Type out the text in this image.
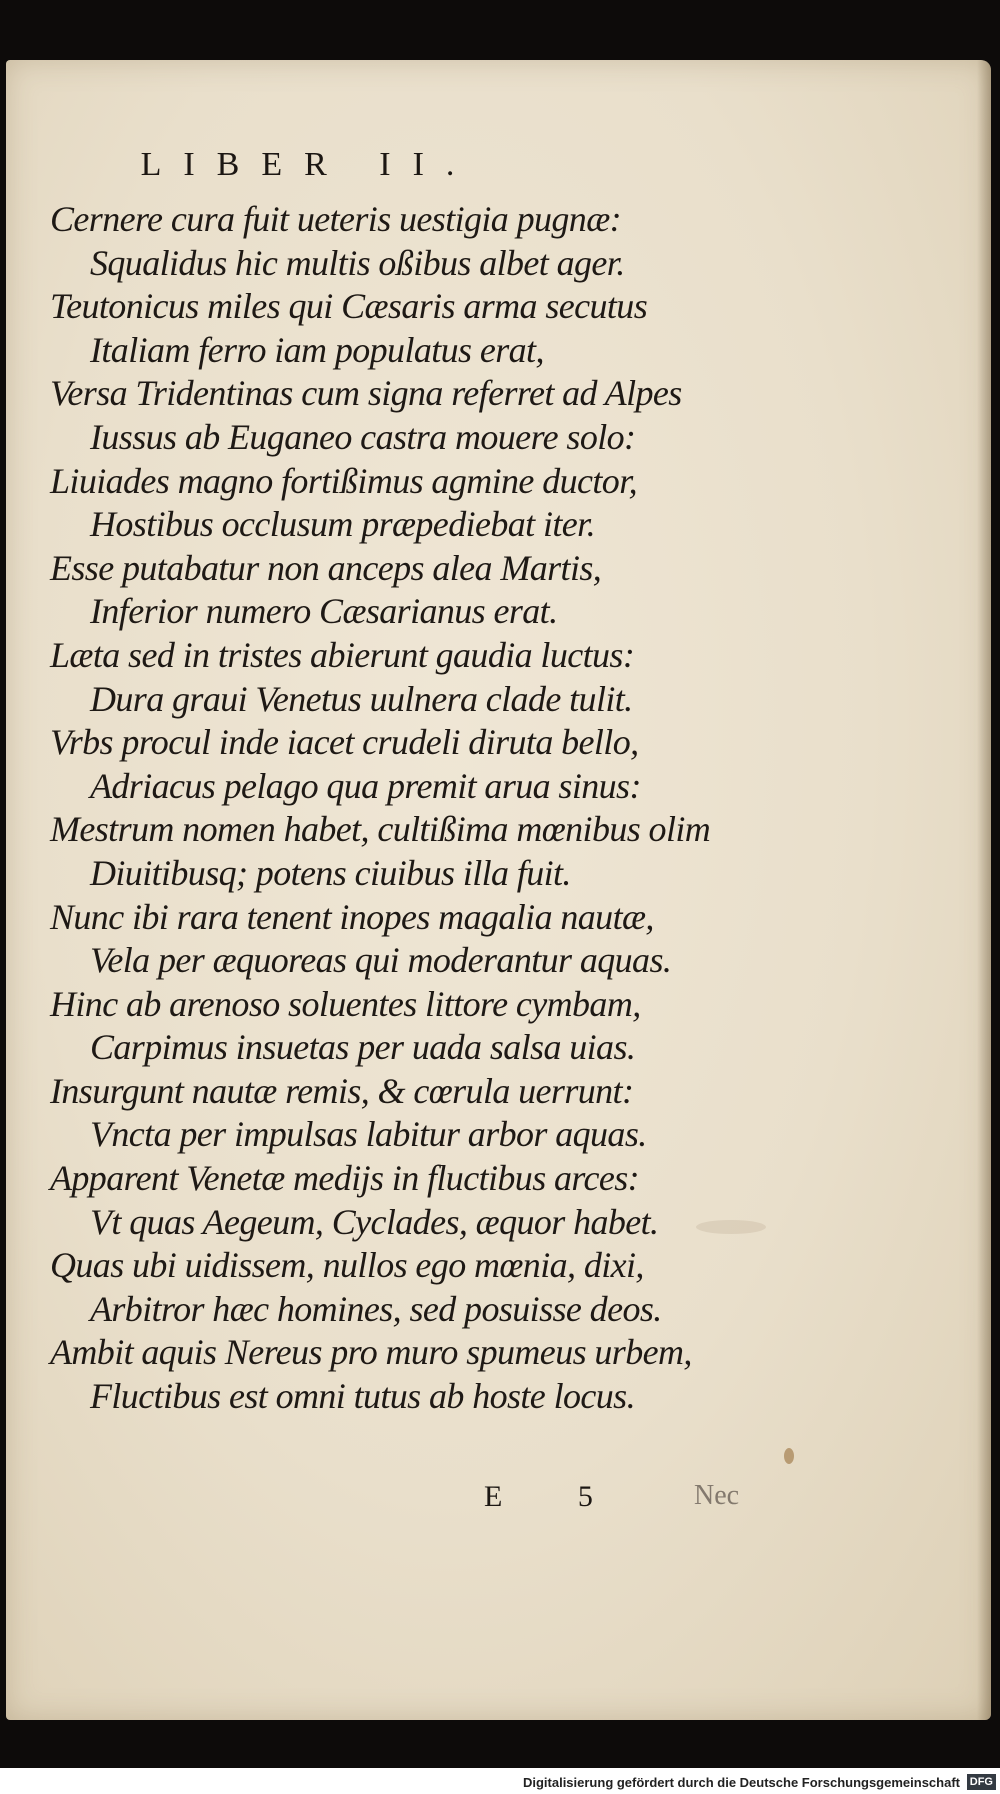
LIBER II.
Cernere cura fuit ueteris uestigia pugnæ:
Squalidus hic multis oßibus albet ager.
Teutonicus miles qui Cæsaris arma secutus
Italiam ferro iam populatus erat,
Versa Tridentinas cum signa referret ad Alpes
Iussus ab Euganeo castra mouere solo:
Liuiades magno fortißimus agmine ductor,
Hostibus occlusum præpediebat iter.
Esse putabatur non anceps alea Martis,
Inferior numero Cæsarianus erat.
Læta sed in tristes abierunt gaudia luctus:
Dura graui Venetus uulnera clade tulit.
Vrbs procul inde iacet crudeli diruta bello,
Adriacus pelago qua premit arua sinus:
Mestrum nomen habet, cultißima mœnibus olim
Diuitibusq; potens ciuibus illa fuit.
Nunc ibi rara tenent inopes magalia nautæ,
Vela per æquoreas qui moderantur aquas.
Hinc ab arenoso soluentes littore cymbam,
Carpimus insuetas per uada salsa uias.
Insurgunt nautæ remis, & cœrula uerrunt:
Vncta per impulsas labitur arbor aquas.
Apparent Venetæ medijs in fluctibus arces:
Vt quas Aegeum, Cyclades, æquor habet.
Quas ubi uidissem, nullos ego mœnia, dixi,
Arbitror hæc homines, sed posuisse deos.
Ambit aquis Nereus pro muro spumeus urbem,
Fluctibus est omni tutus ab hoste locus.
E 5 Nec
Digitalisierung gefördert durch die Deutsche Forschungsgemeinschaft DFG
